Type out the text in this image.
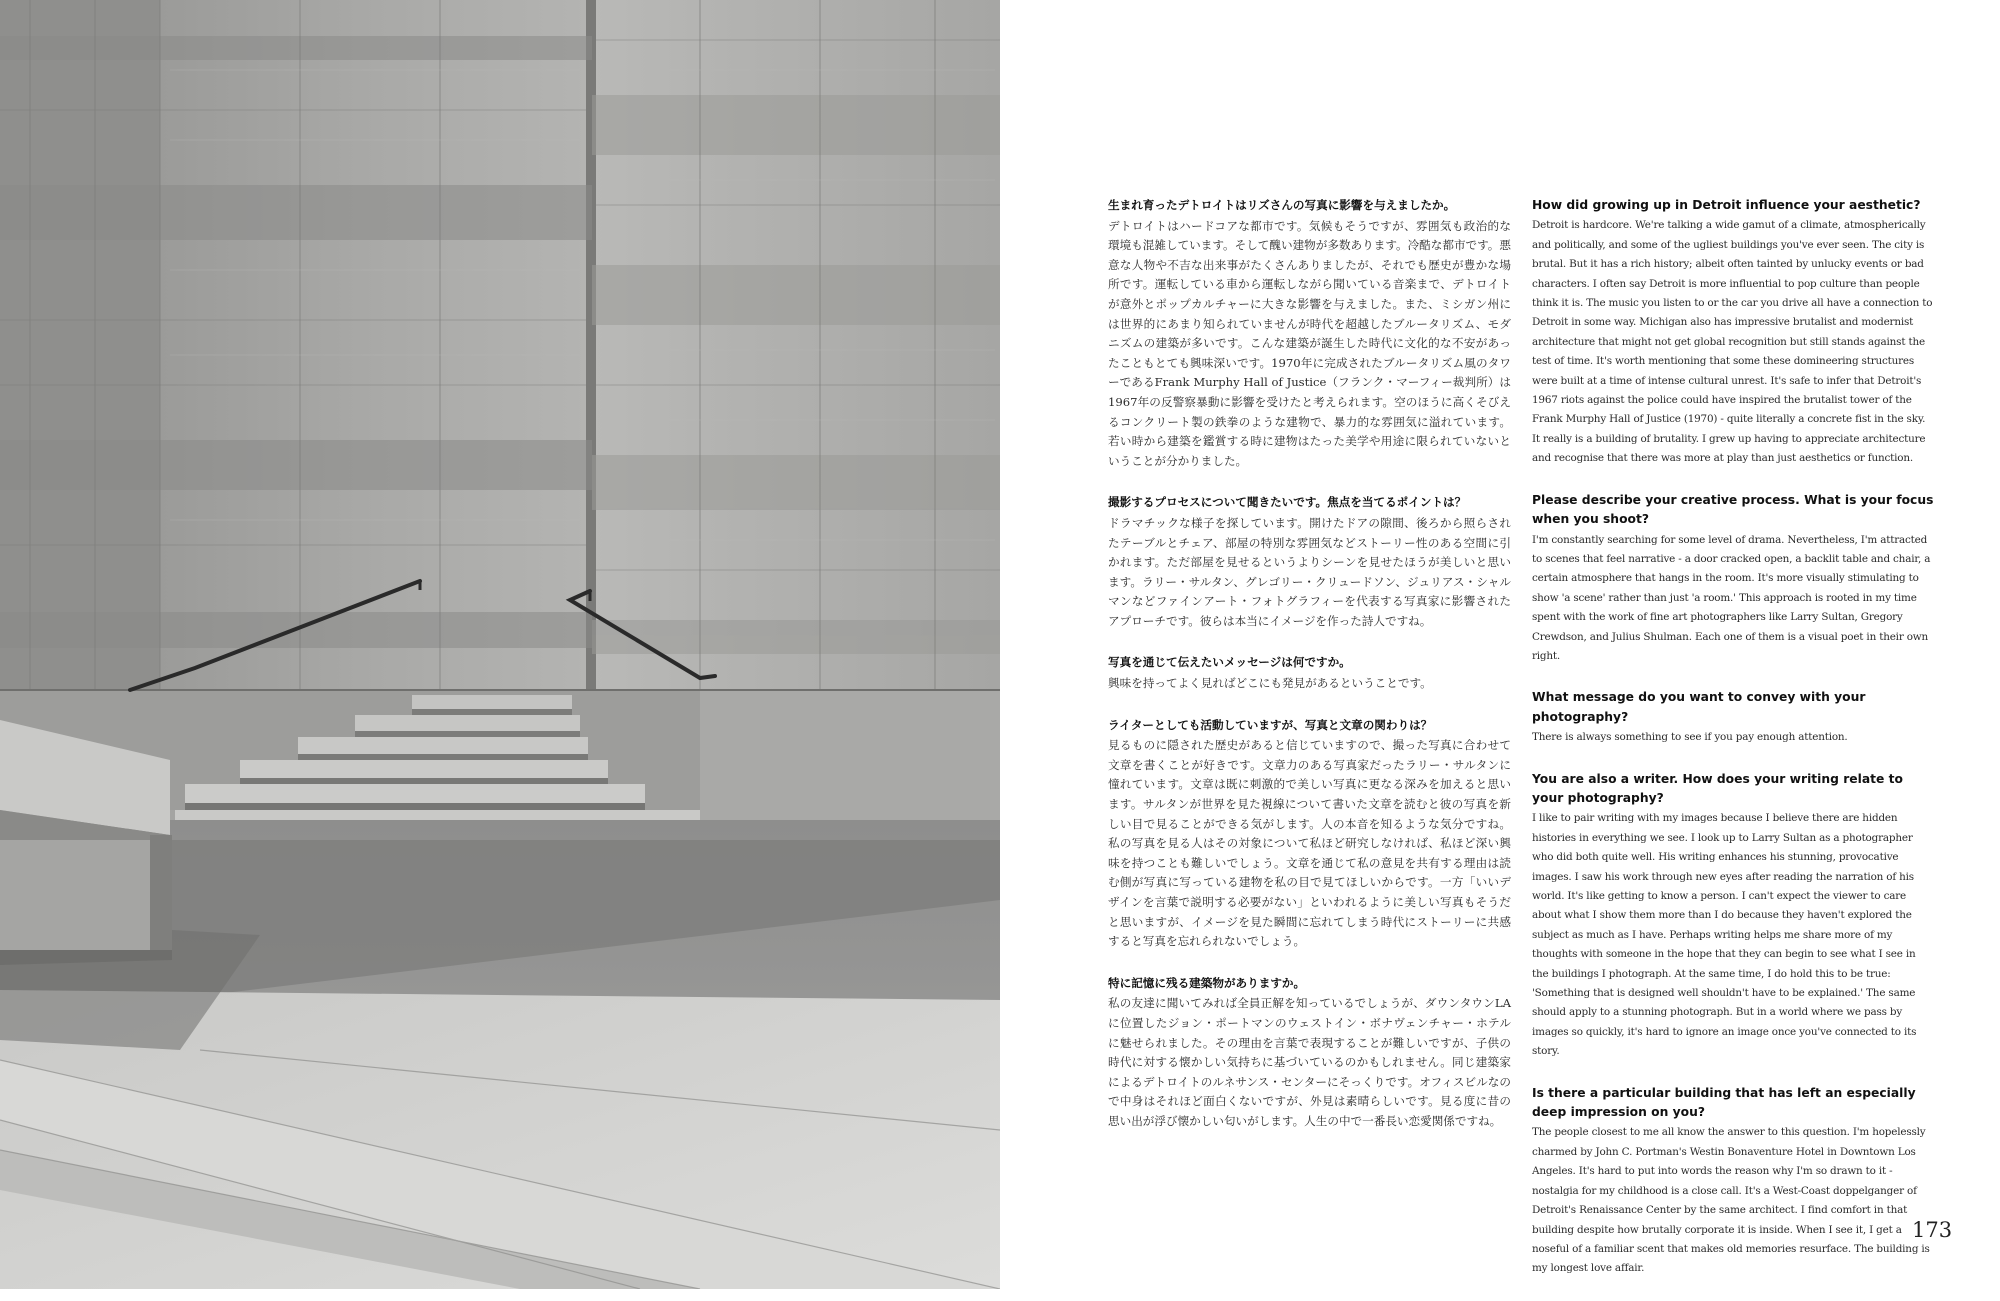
生まれ育ったデトロイトはリズさんの写真に影響を与えましたか。

デトロイトはハードコアな都市です。気候もそうですが、雰囲気も政治的な環境も混雑しています。そして醜い建物が多数あります。冷酷な都市です。悪意な人物や不吉な出来事がたくさんありましたが、それでも歴史が豊かな場所です。運転している車から運転しながら聞いている音楽まで、デトロイトが意外とポップカルチャーに大きな影響を与えました。また、ミシガン州には世界的にあまり知られていませんが時代を超越したブルータリズム、モダニズムの建築が多いです。こんな建築が誕生した時代に文化的な不安があったこともとても興味深いです。1970年に完成されたブルータリズム風のタワーであるFrank Murphy Hall of Justice（フランク・マーフィー裁判所）は1967年の反警察暴動に影響を受けたと考えられます。空のほうに高くそびえるコンクリート製の鉄拳のような建物で、暴力的な雰囲気に溢れています。若い時から建築を鑑賞する時に建物はたった美学や用途に限られていないということが分かりました。

撮影するプロセスについて聞きたいです。焦点を当てるポイントは？

ドラマチックな様子を探しています。開けたドアの隙間、後ろから照らされたテーブルとチェア、部屋の特別な雰囲気などストーリー性のある空間に引かれます。ただ部屋を見せるというよりシーンを見せたほうが美しいと思います。ラリー・サルタン、グレゴリー・クリュードソン、ジュリアス・シャルマンなどファインアート・フォトグラフィーを代表する写真家に影響されたアプローチです。彼らは本当にイメージを作った詩人ですね。

写真を通じて伝えたいメッセージは何ですか。

興味を持ってよく見ればどこにも発見があるということです。

ライターとしても活動していますが、写真と文章の関わりは？

見るものに隠された歴史があると信じていますので、撮った写真に合わせて文章を書くことが好きです。文章力のある写真家だったラリー・サルタンに憧れています。文章は既に刺激的で美しい写真に更なる深みを加えると思います。サルタンが世界を見た視線について書いた文章を読むと彼の写真を新しい目で見ることができる気がします。人の本音を知るような気分ですね。私の写真を見る人はその対象について私ほど研究しなければ、私ほど深い興味を持つことも難しいでしょう。文章を通じて私の意見を共有する理由は読む側が写真に写っている建物を私の目で見てほしいからです。一方「いいデザインを言葉で説明する必要がない」といわれるように美しい写真もそうだと思いますが、イメージを見た瞬間に忘れてしまう時代にストーリーに共感すると写真を忘れられないでしょう。

特に記憶に残る建築物がありますか。

私の友達に聞いてみれば全員正解を知っているでしょうが、ダウンタウンLAに位置したジョン・ポートマンのウェストイン・ボナヴェンチャー・ホテルに魅せられました。その理由を言葉で表現することが難しいですが、子供の時代に対する懐かしい気持ちに基づいているのかもしれません。同じ建築家によるデトロイトのルネサンス・センターにそっくりです。オフィスビルなので中身はそれほど面白くないですが、外見は素晴らしいです。見る度に昔の思い出が浮び懐かしい匂いがします。人生の中で一番長い恋愛関係ですね。

How did growing up in Detroit influence your aesthetic?

Detroit is hardcore. We're talking a wide gamut of a climate, atmospherically and politically, and some of the ugliest buildings you've ever seen. The city is brutal. But it has a rich history; albeit often tainted by unlucky events or bad characters. I often say Detroit is more influential to pop culture than people think it is. The music you listen to or the car you drive all have a connection to Detroit in some way. Michigan also has impressive brutalist and modernist architecture that might not get global recognition but still stands against the test of time. It's worth mentioning that some these domineering structures were built at a time of intense cultural unrest. It's safe to infer that Detroit's 1967 riots against the police could have inspired the brutalist tower of the Frank Murphy Hall of Justice (1970) - quite literally a concrete fist in the sky. It really is a building of brutality. I grew up having to appreciate architecture and recognise that there was more at play than just aesthetics or function.

Please describe your creative process. What is your focus when you shoot?

I'm constantly searching for some level of drama. Nevertheless, I'm attracted to scenes that feel narrative - a door cracked open, a backlit table and chair, a certain atmosphere that hangs in the room. It's more visually stimulating to show 'a scene' rather than just 'a room.' This approach is rooted in my time spent with the work of fine art photographers like Larry Sultan, Gregory Crewdson, and Julius Shulman. Each one of them is a visual poet in their own right.

What message do you want to convey with your photography?

There is always something to see if you pay enough attention.

You are also a writer. How does your writing relate to your photography?

I like to pair writing with my images because I believe there are hidden histories in everything we see. I look up to Larry Sultan as a photographer who did both quite well. His writing enhances his stunning, provocative images. I saw his work through new eyes after reading the narration of his world. It's like getting to know a person. I can't expect the viewer to care about what I show them more than I do because they haven't explored the subject as much as I have. Perhaps writing helps me share more of my thoughts with someone in the hope that they can begin to see what I see in the buildings I photograph. At the same time, I do hold this to be true: 'Something that is designed well shouldn't have to be explained.' The same should apply to a stunning photograph. But in a world where we pass by images so quickly, it's hard to ignore an image once you've connected to its story.

Is there a particular building that has left an especially deep impression on you?

The people closest to me all know the answer to this question. I'm hopelessly charmed by John C. Portman's Westin Bonaventure Hotel in Downtown Los Angeles. It's hard to put into words the reason why I'm so drawn to it - nostalgia for my childhood is a close call. It's a West-Coast doppelganger of Detroit's Renaissance Center by the same architect. I find comfort in that building despite how brutally corporate it is inside. When I see it, I get a noseful of a familiar scent that makes old memories resurface. The building is my longest love affair.

173
